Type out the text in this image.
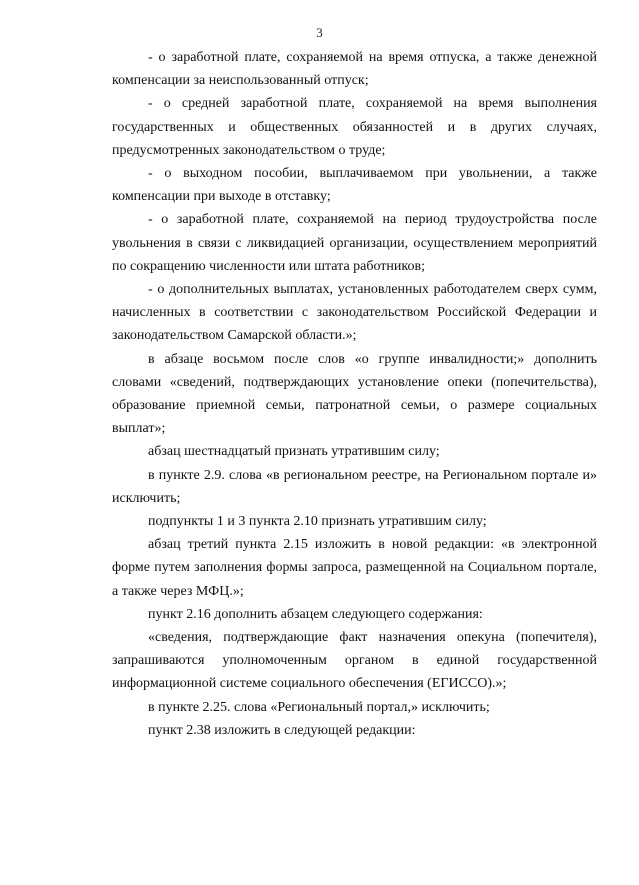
3

- о заработной плате, сохраняемой на время отпуска, а также денежной компенсации за неиспользованный отпуск;

- о средней заработной плате, сохраняемой на время выполнения государственных и общественных обязанностей и в других случаях, предусмотренных законодательством о труде;

- о выходном пособии, выплачиваемом при увольнении, а также компенсации при выходе в отставку;

- о заработной плате, сохраняемой на период трудоустройства после увольнения в связи с ликвидацией организации, осуществлением мероприятий по сокращению численности или штата работников;

- о дополнительных выплатах, установленных работодателем сверх сумм, начисленных в соответствии с законодательством Российской Федерации и законодательством Самарской области.»;

в абзаце восьмом после слов «о группе инвалидности;» дополнить словами «сведений, подтверждающих установление опеки (попечительства), образование приемной семьи, патронатной семьи, о размере социальных выплат»;

абзац шестнадцатый признать утратившим силу;

в пункте 2.9. слова «в региональном реестре, на Региональном портале и» исключить;

подпункты 1 и 3 пункта 2.10 признать утратившим силу;

абзац третий пункта 2.15 изложить в новой редакции: «в электронной форме путем заполнения формы запроса, размещенной на Социальном портале, а также через МФЦ.»;

пункт 2.16 дополнить абзацем следующего содержания:

«сведения, подтверждающие факт назначения опекуна (попечителя), запрашиваются уполномоченным органом в единой государственной информационной системе социального обеспечения (ЕГИССО).»;

в пункте 2.25. слова «Региональный портал,» исключить;

пункт 2.38 изложить в следующей редакции:
